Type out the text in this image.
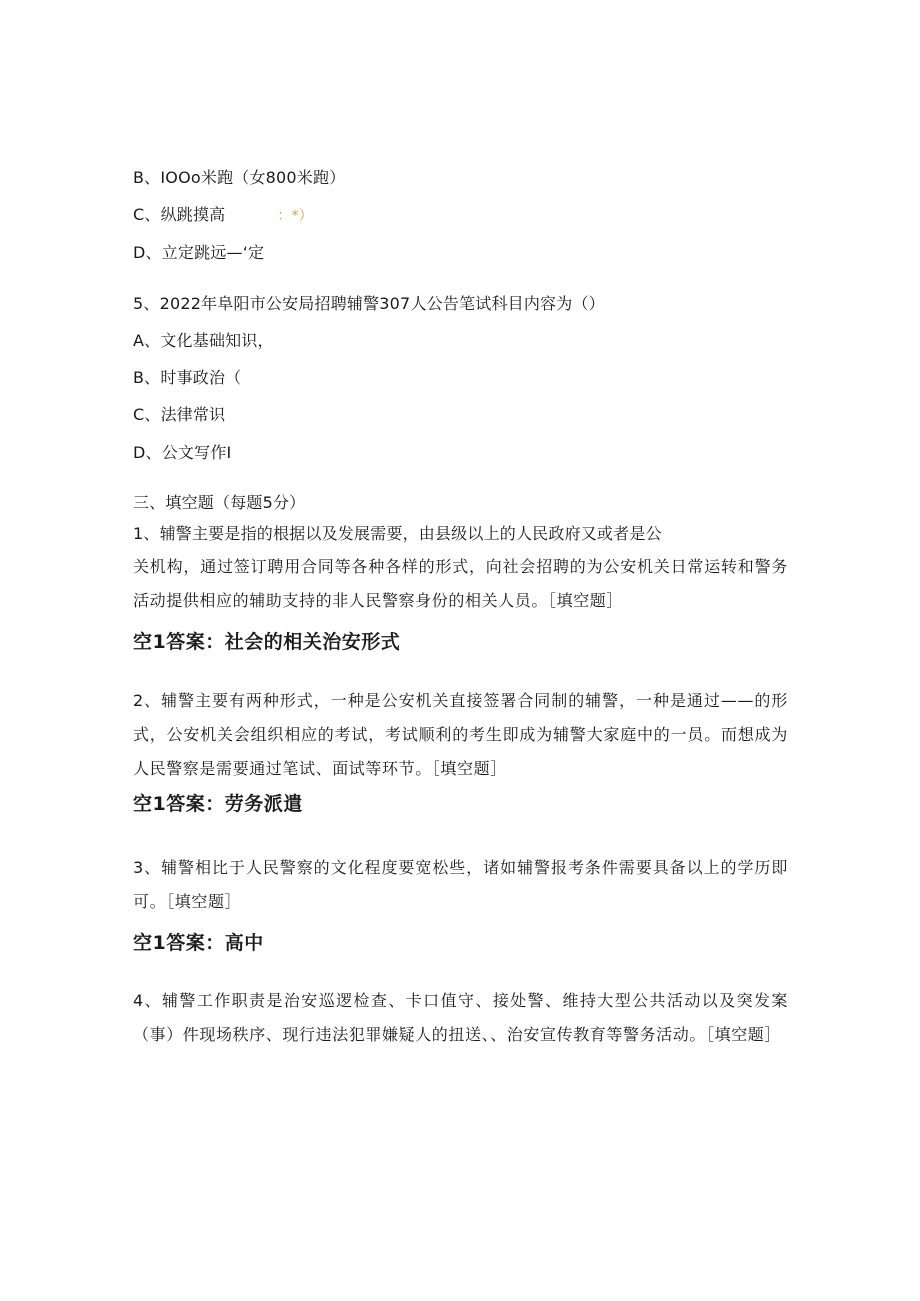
B、IOOo米跑（女800米跑）
C、纵跳摸高	：*）
D、立定跳远—‘定
5、2022年阜阳市公安局招聘辅警307人公告笔试科目内容为（）
A、文化基础知识，
B、时事政治（
C、法律常识
D、公文写作I
三、填空题（每题5分）
1、辅警主要是指的根据以及发展需要，由县级以上的人民政府又或者是公
关机构，通过签订聘用合同等各种各样的形式，向社会招聘的为公安机关日常运转和警务活动提供相应的辅助支持的非人民警察身份的相关人员。［填空题］
空1答案：社会的相关治安形式
2、辅警主要有两种形式，一种是公安机关直接签署合同制的辅警，一种是通过——的形式，公安机关会组织相应的考试，考试顺利的考生即成为辅警大家庭中的一员。而想成为人民警察是需要通过笔试、面试等环节。［填空题］
空1答案：劳务派遣
3、辅警相比于人民警察的文化程度要宽松些，诸如辅警报考条件需要具备以上的学历即可。［填空题］
空1答案：高中
4、辅警工作职责是治安巡逻检查、卡口值守、接处警、维持大型公共活动以及突发案（事）件现场秩序、现行违法犯罪嫌疑人的扭送、、治安宣传教育等警务活动。［填空题］
